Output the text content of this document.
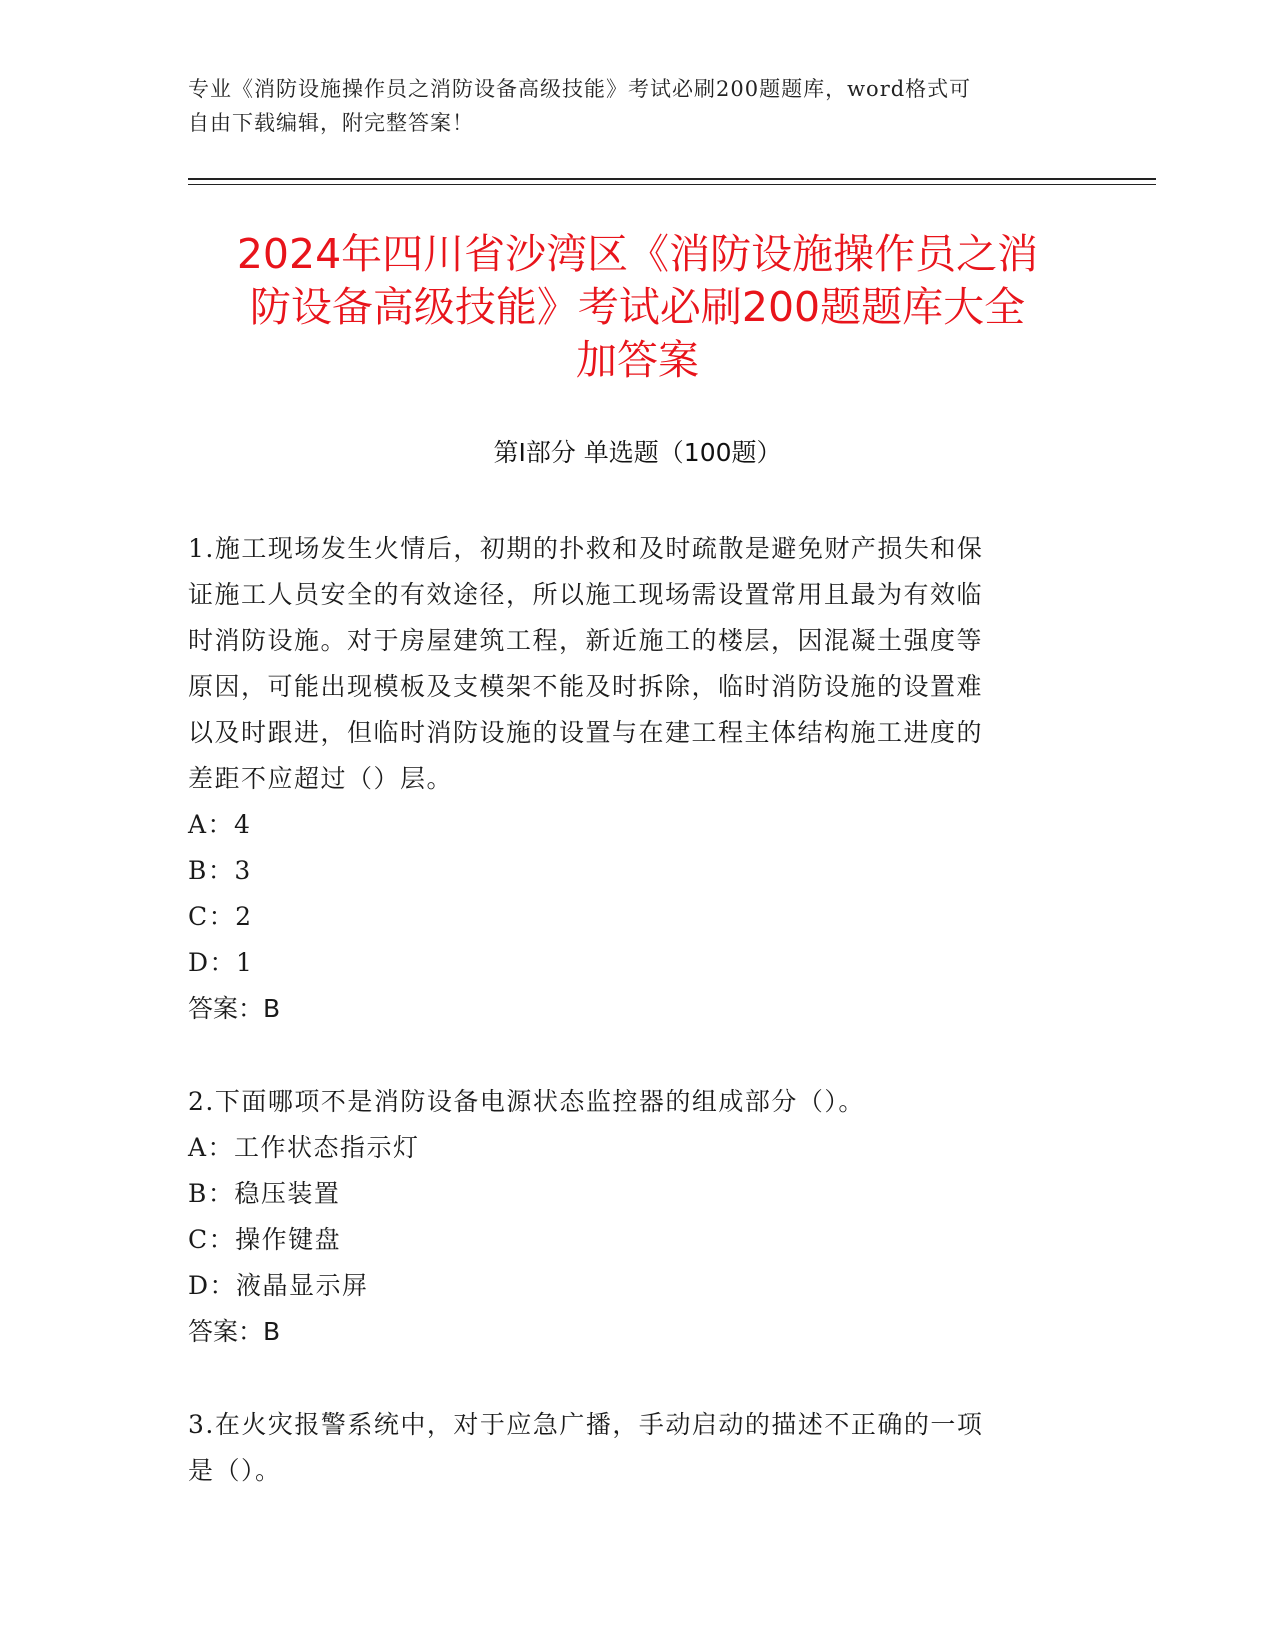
专业《消防设施操作员之消防设备高级技能》考试必刷200题题库，word格式可
自由下载编辑，附完整答案！
2024年四川省沙湾区《消防设施操作员之消
防设备高级技能》考试必刷200题题库大全
加答案
第I部分 单选题（100题）

1.施工现场发生火情后，初期的扑救和及时疏散是避免财产损失和保
证施工人员安全的有效途径，所以施工现场需设置常用且最为有效临
时消防设施。对于房屋建筑工程，新近施工的楼层，因混凝土强度等
原因，可能出现模板及支模架不能及时拆除，临时消防设施的设置难
以及时跟进，但临时消防设施的设置与在建工程主体结构施工进度的
差距不应超过（）层。

A：4

B：3

C：2

D：1

答案：B

2.下面哪项不是消防设备电源状态监控器的组成部分（）。

A：工作状态指示灯

B：稳压装置

C：操作键盘

D：液晶显示屏

答案：B

3.在火灾报警系统中，对于应急广播，手动启动的描述不正确的一项
是（）。
